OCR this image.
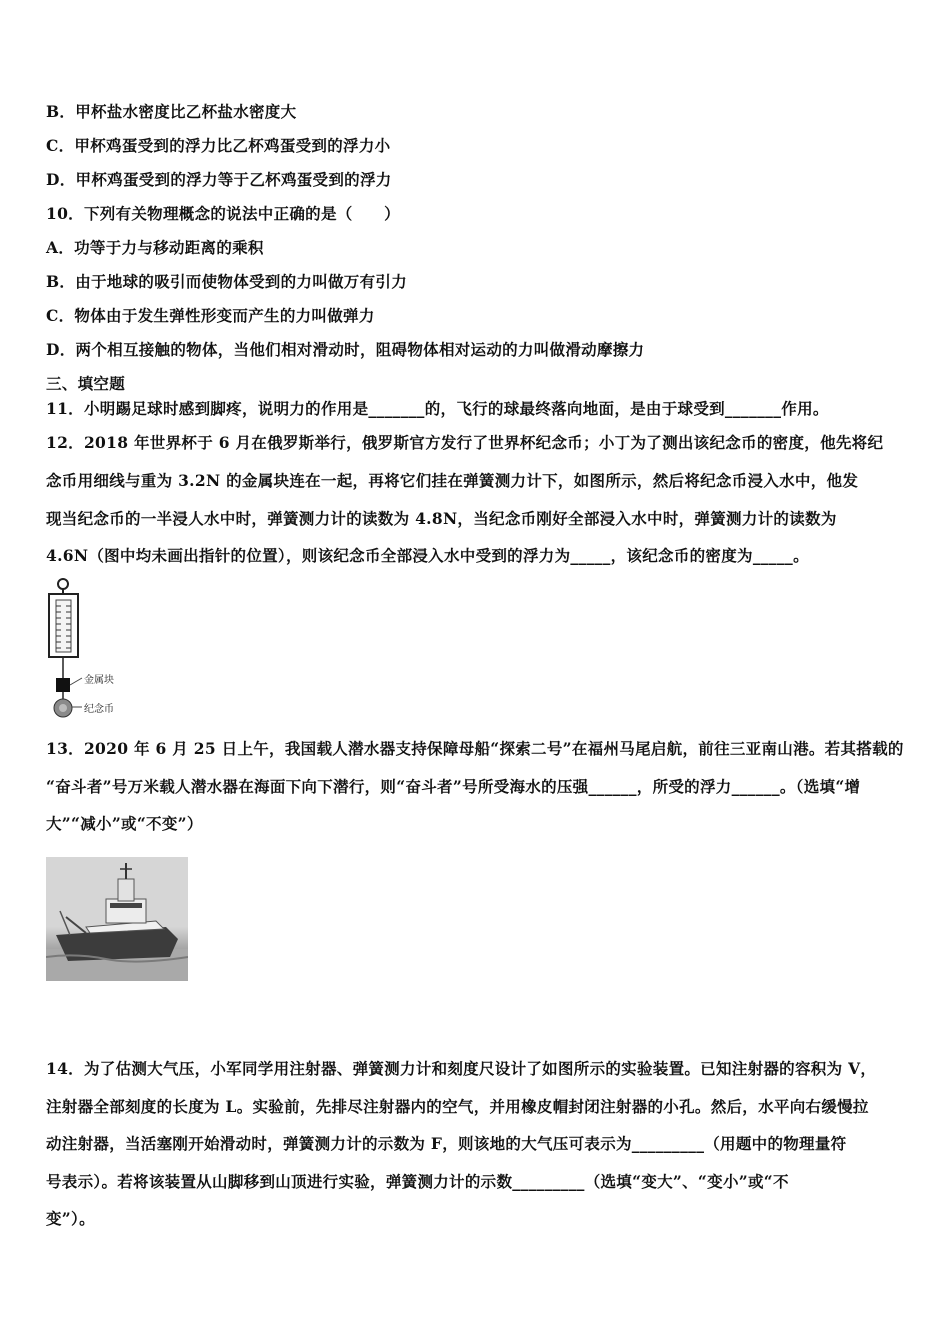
B．甲杯盐水密度比乙杯盐水密度大
C．甲杯鸡蛋受到的浮力比乙杯鸡蛋受到的浮力小
D．甲杯鸡蛋受到的浮力等于乙杯鸡蛋受到的浮力
10．下列有关物理概念的说法中正确的是（　　）
A．功等于力与移动距离的乘积
B．由于地球的吸引而使物体受到的力叫做万有引力
C．物体由于发生弹性形变而产生的力叫做弹力
D．两个相互接触的物体，当他们相对滑动时，阻碍物体相对运动的力叫做滑动摩擦力
三、填空题
11．小明踢足球时感到脚疼，说明力的作用是_______的，飞行的球最终落向地面，是由于球受到_______作用。
12．2018 年世界杯于 6 月在俄罗斯举行，俄罗斯官方发行了世界杯纪念币；小丁为了测出该纪念币的密度，他先将纪
念币用细线与重为 3.2N 的金属块连在一起，再将它们挂在弹簧测力计下，如图所示，然后将纪念币浸入水中，他发
现当纪念币的一半浸人水中时，弹簧测力计的读数为 4.8N，当纪念币刚好全部浸入水中时，弹簧测力计的读数为
4.6N（图中均未画出指针的位置），则该纪念币全部浸入水中受到的浮力为_____，该纪念币的密度为_____。
金属块
纪念币
13．2020 年 6 月 25 日上午，我国载人潜水器支持保障母船“探索二号”在福州马尾启航，前往三亚南山港。若其搭载的
“奋斗者”号万米载人潜水器在海面下向下潜行，则“奋斗者”号所受海水的压强______，所受的浮力______。（选填“增
大”“减小”或“不变”）
14．为了估测大气压，小军同学用注射器、弹簧测力计和刻度尺设计了如图所示的实验装置。已知注射器的容积为 V，
注射器全部刻度的长度为 L。实验前，先排尽注射器内的空气，并用橡皮帽封闭注射器的小孔。然后，水平向右缓慢拉
动注射器，当活塞刚开始滑动时，弹簧测力计的示数为 F，则该地的大气压可表示为_________（用题中的物理量符
号表示）。若将该装置从山脚移到山顶进行实验，弹簧测力计的示数_________（选填“变大”、“变小”或“不
变”）。
